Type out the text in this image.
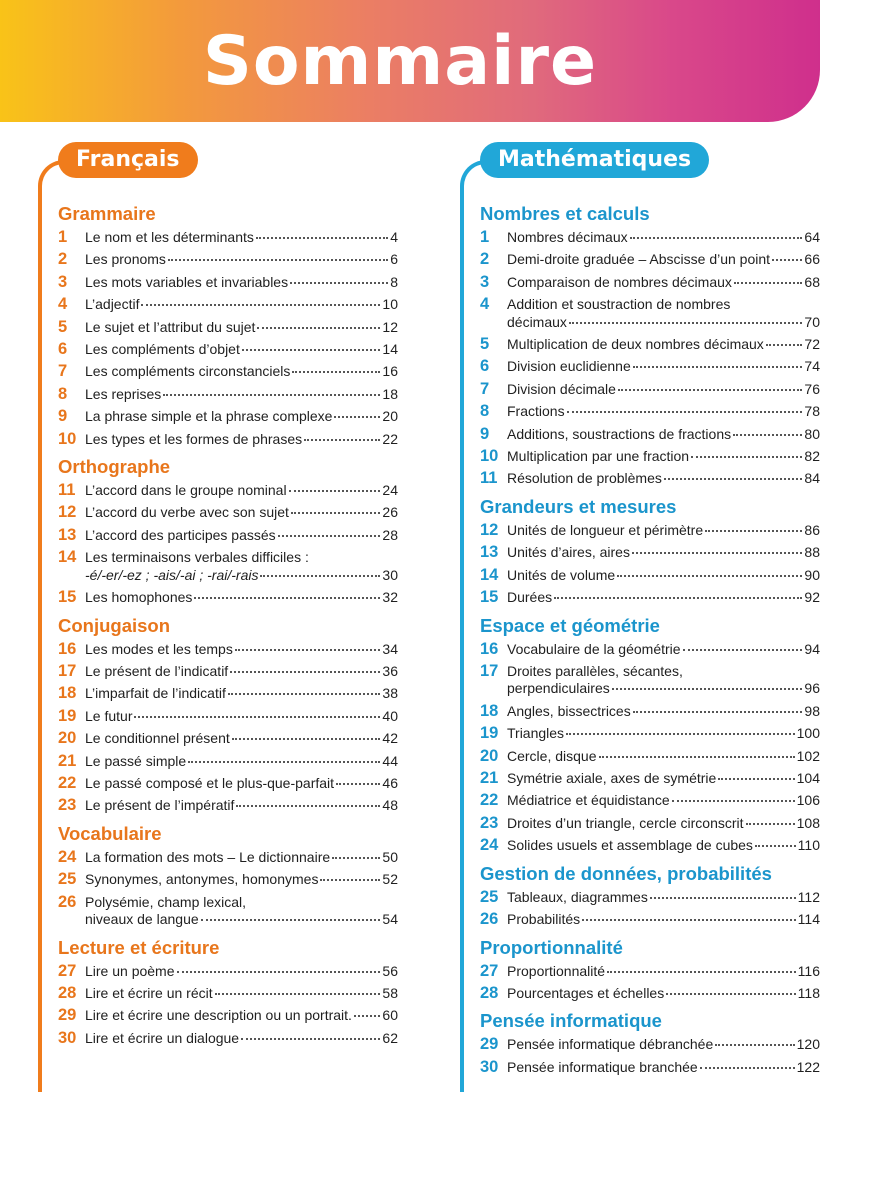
Sommaire
Français
Grammaire
1	Le nom et les déterminants	4
2	Les pronoms	6
3	Les mots variables et invariables	8
4	L’adjectif	10
5	Le sujet et l’attribut du sujet	12
6	Les compléments d’objet	14
7	Les compléments circonstanciels	16
8	Les reprises	18
9	La phrase simple et la phrase complexe	20
10 Les types et les formes de phrases	22
Orthographe
11 L’accord dans le groupe nominal	24
12 L’accord du verbe avec son sujet	26
13 L’accord des participes passés	28
14 Les terminaisons verbales difficiles :
-é/-er/-ez ; -ais/-ai ; -rai/-rais	30
15 Les homophones	32
Conjugaison
16 Les modes et les temps	34
17 Le présent de l’indicatif	36
18 L’imparfait de l’indicatif	38
19 Le futur	40
20 Le conditionnel présent	42
21 Le passé simple	44
22 Le passé composé et le plus-que-parfait	46
23 Le présent de l’impératif	48
Vocabulaire
24 La formation des mots – Le dictionnaire	50
25 Synonymes, antonymes, homonymes	52
26 Polysémie, champ lexical,
niveaux de langue	54
Lecture et écriture
27 Lire un poème	56
28 Lire et écrire un récit	58
29 Lire et écrire une description ou un portrait. 60
30 Lire et écrire un dialogue	62
Mathématiques
Nombres et calculs
1	Nombres décimaux	64
2	Demi-droite graduée – Abscisse d’un point 66
3	Comparaison de nombres décimaux	68
4	Addition et soustraction de nombres
décimaux	70
5	Multiplication de deux nombres décimaux	72
6	Division euclidienne	74
7	Division décimale	76
8	Fractions	78
9	Additions, soustractions de fractions	80
10 Multiplication par une fraction	82
11 Résolution de problèmes	84
Grandeurs et mesures
12 Unités de longueur et périmètre	86
13 Unités d’aires, aires	88
14 Unités de volume	90
15 Durées	92
Espace et géométrie
16 Vocabulaire de la géométrie	94
17 Droites parallèles, sécantes,
perpendiculaires	96
18 Angles, bissectrices	98
19 Triangles	100
20 Cercle, disque	102
21 Symétrie axiale, axes de symétrie	104
22 Médiatrice et équidistance	106
23 Droites d’un triangle, cercle circonscrit	108
24 Solides usuels et assemblage de cubes	110
Gestion de données, probabilités
25 Tableaux, diagrammes	112
26 Probabilités	114
Proportionnalité
27 Proportionnalité	116
28 Pourcentages et échelles	118
Pensée informatique
29 Pensée informatique débranchée	120
30 Pensée informatique branchée	122
